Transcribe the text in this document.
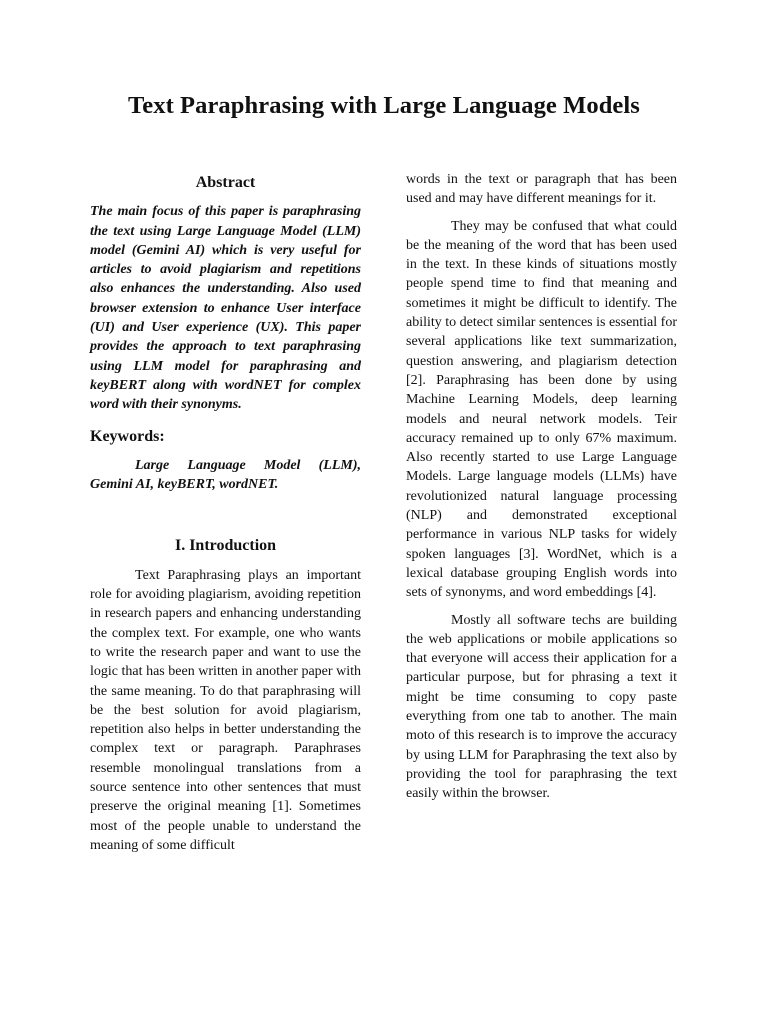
Text Paraphrasing with Large Language Models
Abstract

The main focus of this paper is paraphrasing the text using Large Language Model (LLM) model (Gemini AI) which is very useful for articles to avoid plagiarism and repetitions also enhances the understanding. Also used browser extension to enhance User interface (UI) and User experience (UX). This paper provides the approach to text paraphrasing using LLM model for paraphrasing and keyBERT along with wordNET for complex word with their synonyms.

Keywords:

Large Language Model (LLM), Gemini AI, keyBERT, wordNET.

I. Introduction

Text Paraphrasing plays an important role for avoiding plagiarism, avoiding repetition in research papers and enhancing understanding the complex text. For example, one who wants to write the research paper and want to use the logic that has been written in another paper with the same meaning. To do that paraphrasing will be the best solution for avoid plagiarism, repetition also helps in better understanding the complex text or paragraph. Paraphrases resemble monolingual translations from a source sentence into other sentences that must preserve the original meaning [1]. Sometimes most of the people unable to understand the meaning of some difficult

words in the text or paragraph that has been used and may have different meanings for it.

They may be confused that what could be the meaning of the word that has been used in the text. In these kinds of situations mostly people spend time to find that meaning and sometimes it might be difficult to identify. The ability to detect similar sentences is essential for several applications like text summarization, question answering, and plagiarism detection [2]. Paraphrasing has been done by using Machine Learning Models, deep learning models and neural network models. Teir accuracy remained up to only 67% maximum. Also recently started to use Large Language Models. Large language models (LLMs) have revolutionized natural language processing (NLP) and demonstrated exceptional performance in various NLP tasks for widely spoken languages [3]. WordNet, which is a lexical database grouping English words into sets of synonyms, and word embeddings [4].

Mostly all software techs are building the web applications or mobile applications so that everyone will access their application for a particular purpose, but for phrasing a text it might be time consuming to copy paste everything from one tab to another. The main moto of this research is to improve the accuracy by using LLM for Paraphrasing the text also by providing the tool for paraphrasing the text easily within the browser.
